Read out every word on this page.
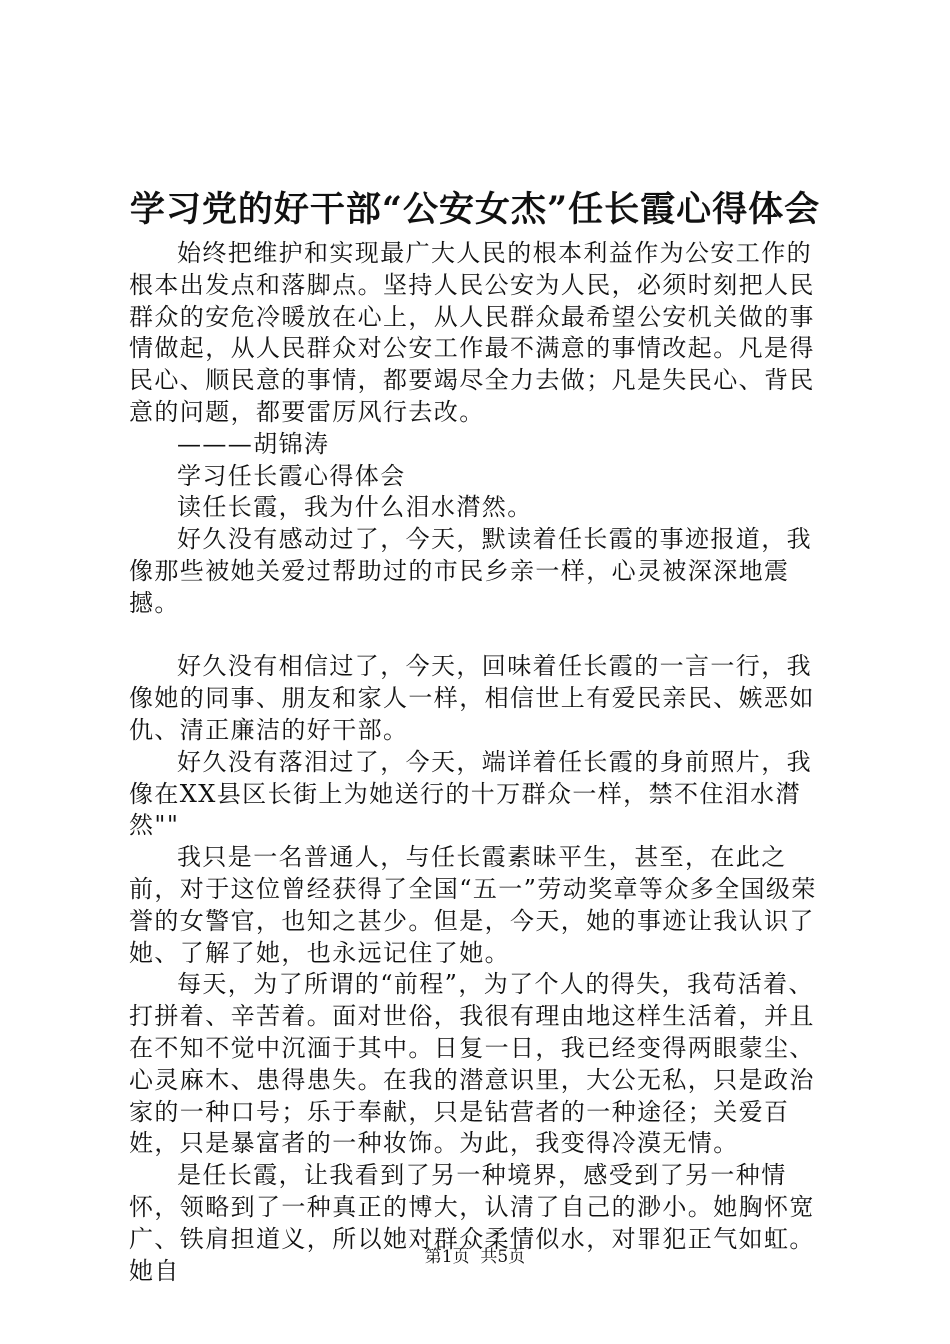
学习党的好干部“公安女杰”任长霞心得体会

始终把维护和实现最广大人民的根本利益作为公安工作的根本出发点和落脚点。坚持人民公安为人民，必须时刻把人民群众的安危冷暖放在心上，从人民群众最希望公安机关做的事情做起，从人民群众对公安工作最不满意的事情改起。凡是得民心、顺民意的事情，都要竭尽全力去做；凡是失民心、背民意的问题，都要雷厉风行去改。

———胡锦涛

学习任长霞心得体会

读任长霞，我为什么泪水潸然。

好久没有感动过了，今天，默读着任长霞的事迹报道，我像那些被她关爱过帮助过的市民乡亲一样，心灵被深深地震撼。

好久没有相信过了，今天，回味着任长霞的一言一行，我像她的同事、朋友和家人一样，相信世上有爱民亲民、嫉恶如仇、清正廉洁的好干部。

好久没有落泪过了，今天，端详着任长霞的身前照片，我像在XX县区长街上为她送行的十万群众一样，禁不住泪水潸然""

我只是一名普通人，与任长霞素昧平生，甚至，在此之前，对于这位曾经获得了全国“五一”劳动奖章等众多全国级荣誉的女警官，也知之甚少。但是，今天，她的事迹让我认识了她、了解了她，也永远记住了她。

每天，为了所谓的“前程”，为了个人的得失，我苟活着、打拼着、辛苦着。面对世俗，我很有理由地这样生活着，并且在不知不觉中沉湎于其中。日复一日，我已经变得两眼蒙尘、心灵麻木、患得患失。在我的潜意识里，大公无私，只是政治家的一种口号；乐于奉献，只是钻营者的一种途径；关爱百姓，只是暴富者的一种妆饰。为此，我变得冷漠无情。

是任长霞，让我看到了另一种境界，感受到了另一种情怀，领略到了一种真正的博大，认清了自己的渺小。她胸怀宽广、铁肩担道义，所以她对群众柔情似水，对罪犯正气如虹。她自	第1页 共5页
